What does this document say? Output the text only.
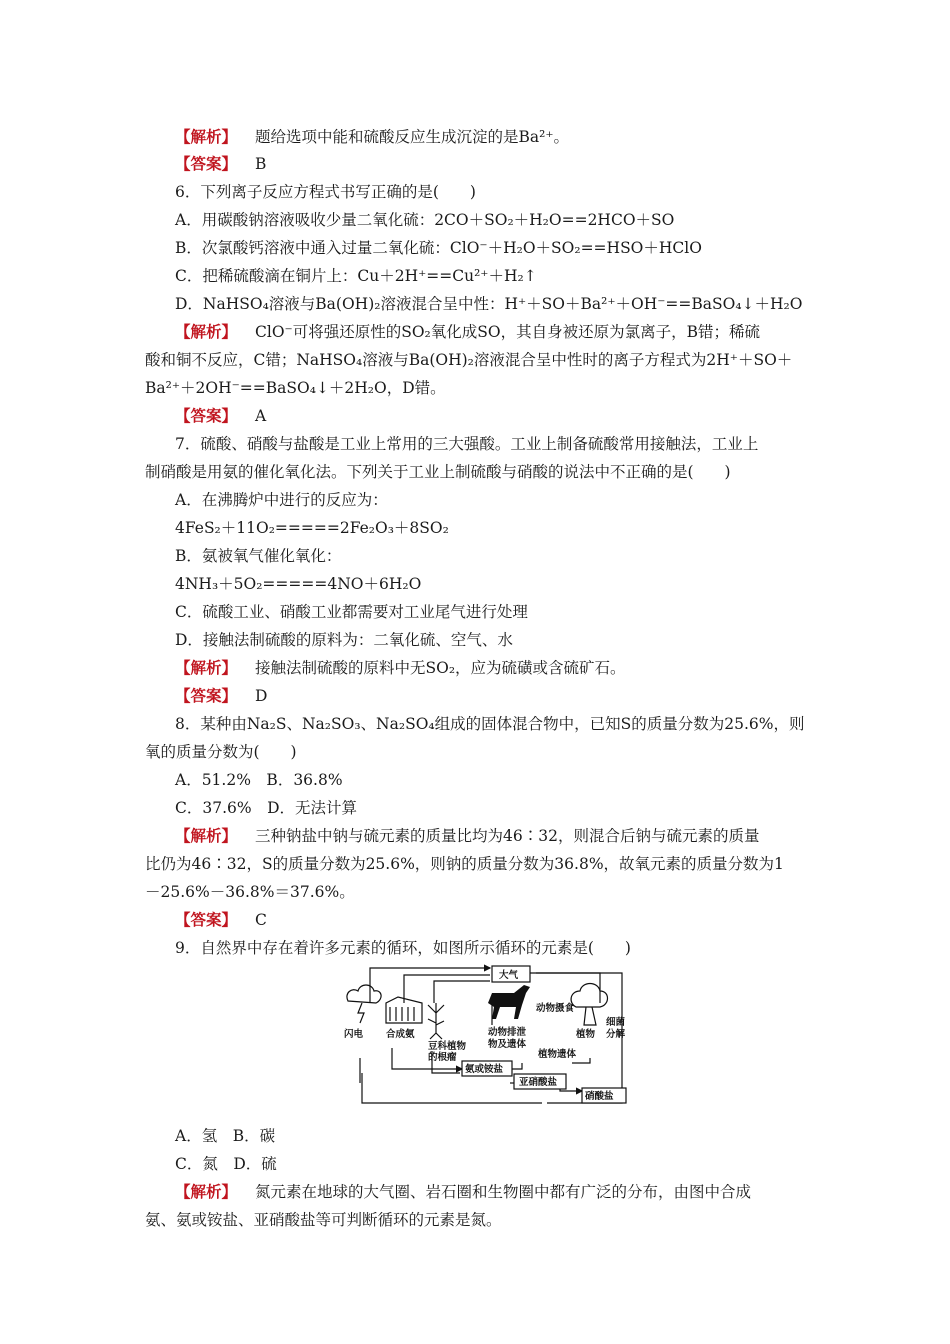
【解析】 题给选项中能和硫酸反应生成沉淀的是Ba²⁺。
【答案】 B
6．下列离子反应方程式书写正确的是(　　)
A．用碳酸钠溶液吸收少量二氧化硫：2CO＋SO₂＋H₂O==2HCO＋SO
B．次氯酸钙溶液中通入过量二氧化硫：ClO⁻＋H₂O＋SO₂==HSO＋HClO
C．把稀硫酸滴在铜片上：Cu＋2H⁺==Cu²⁺＋H₂↑
D．NaHSO₄溶液与Ba(OH)₂溶液混合呈中性：H⁺＋SO＋Ba²⁺＋OH⁻==BaSO₄↓＋H₂O
【解析】 ClO⁻可将强还原性的SO₂氧化成SO，其自身被还原为氯离子，B错；稀硫
酸和铜不反应，C错；NaHSO₄溶液与Ba(OH)₂溶液混合呈中性时的离子方程式为2H⁺＋SO＋
Ba²⁺＋2OH⁻==BaSO₄↓＋2H₂O，D错。
【答案】 A
7．硫酸、硝酸与盐酸是工业上常用的三大强酸。工业上制备硫酸常用接触法，工业上
制硝酸是用氨的催化氧化法。下列关于工业上制硫酸与硝酸的说法中不正确的是(　　)
A．在沸腾炉中进行的反应为：
4FeS₂＋11O₂=====2Fe₂O₃＋8SO₂
B．氨被氧气催化氧化：
4NH₃＋5O₂=====4NO＋6H₂O
C．硫酸工业、硝酸工业都需要对工业尾气进行处理
D．接触法制硫酸的原料为：二氧化硫、空气、水
【解析】 接触法制硫酸的原料中无SO₂，应为硫磺或含硫矿石。
【答案】 D
8．某种由Na₂S、Na₂SO₃、Na₂SO₄组成的固体混合物中，已知S的质量分数为25.6%，则
氧的质量分数为(　　)
A．51.2%　B．36.8%
C．37.6%　D．无法计算
【解析】 三种钠盐中钠与硫元素的质量比均为46∶32，则混合后钠与硫元素的质量
比仍为46∶32，S的质量分数为25.6%，则钠的质量分数为36.8%，故氧元素的质量分数为1
－25.6%－36.8%＝37.6%。
【答案】 C
9．自然界中存在着许多元素的循环，如图所示循环的元素是(　　)
A．氢　B．碳
C．氮　D．硫
【解析】 氮元素在地球的大气圈、岩石圈和生物圈中都有广泛的分布，由图中合成
氨、氨或铵盐、亚硝酸盐等可判断循环的元素是氮。
大气
氨或铵盐
亚硝酸盐
硝酸盐
闪电 合成氨
豆科植物
的根瘤
动物摄食
植物
细菌
分解
动物排泄
物及遗体
植物遗体
